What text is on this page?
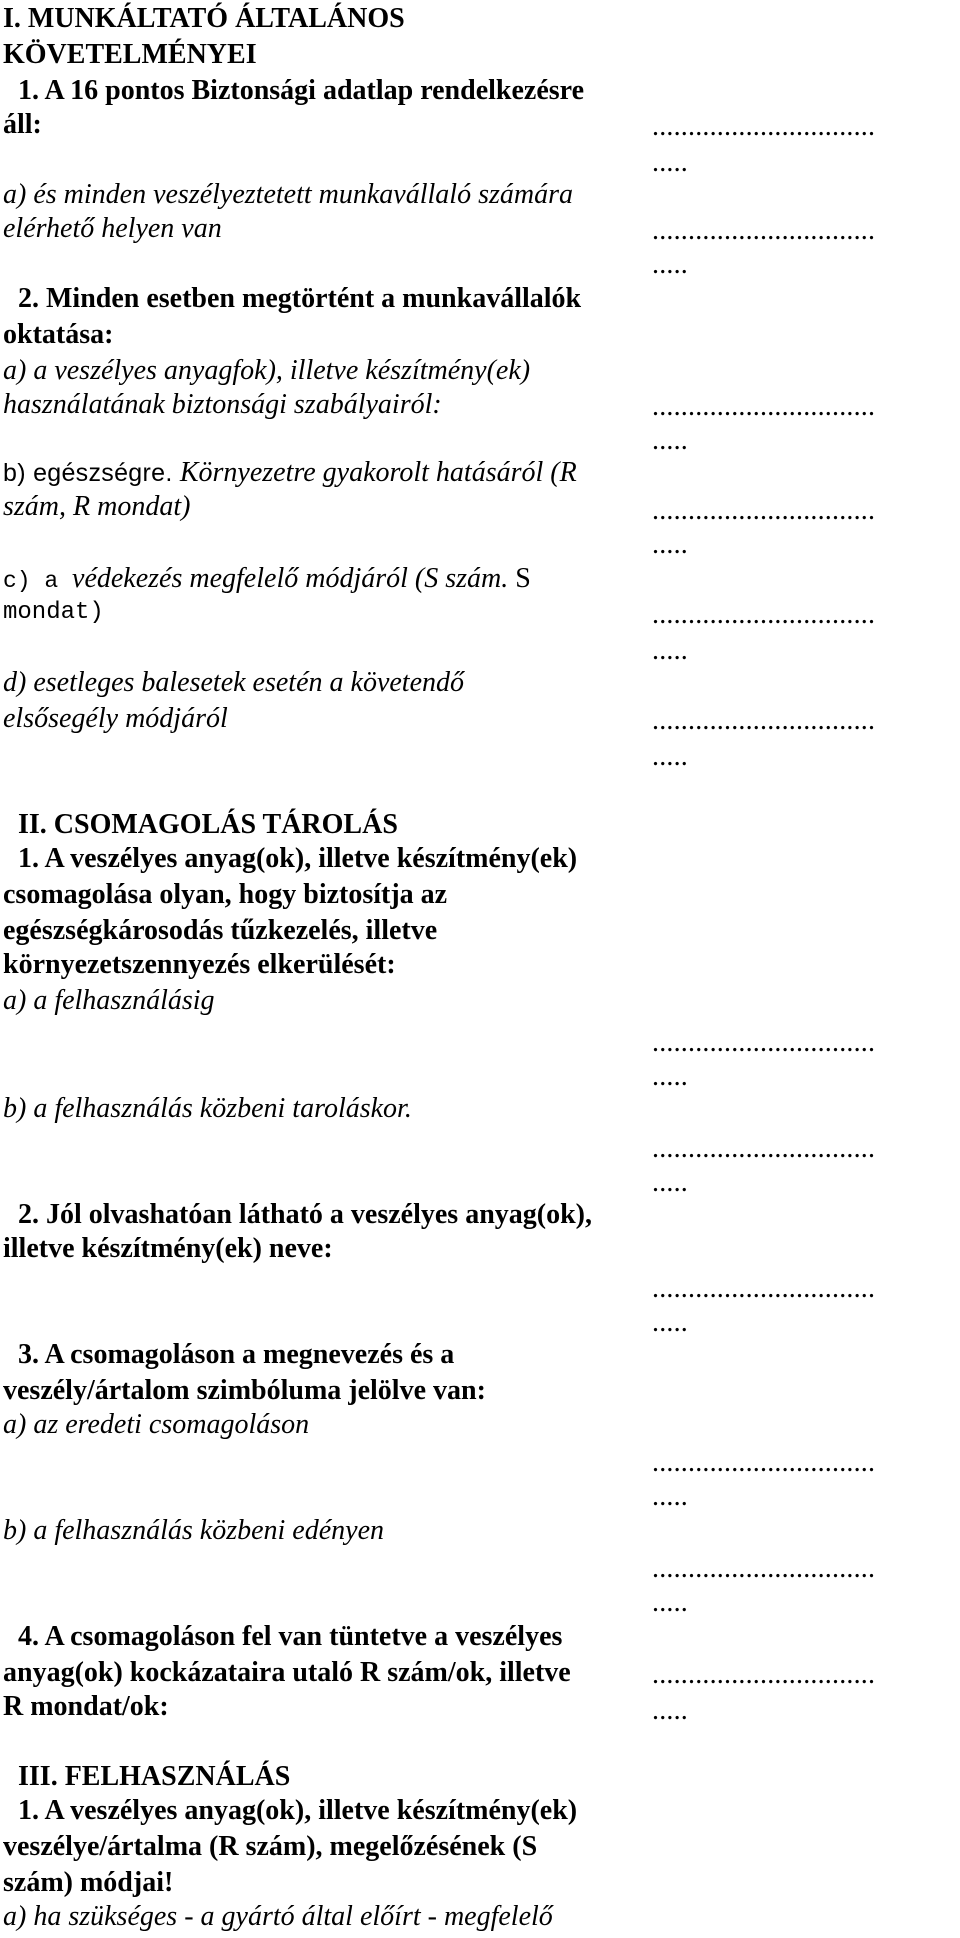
I. MUNKÁLTATÓ ÁLTALÁNOS
KÖVETELMÉNYEI
1. A 16 pontos Biztonsági adatlap rendelkezésre
áll:	...............................
.....
a) és minden veszélyeztetett munkavállaló számára
elérhető helyen van	...............................
.....
2. Minden esetben megtörtént a munkavállalók
oktatása:
a) a veszélyes anyagfok), illetve készítmény(ek)
használatának biztonsági szabályairól:	...............................
.....
b) egészségre. Környezetre gyakorolt hatásáról (R
szám, R mondat)	...............................
.....
c) a védekezés megfelelő módjáról (S szám. S
mondat)	...............................
.....
d) esetleges balesetek esetén a követendő
elsősegély módjáról	...............................
.....
II. CSOMAGOLÁS TÁROLÁS
1. A veszélyes anyag(ok), illetve készítmény(ek)
csomagolása olyan, hogy biztosítja az
egészségkárosodás tűzkezelés, illetve
környezetszennyezés elkerülését:
a) a felhasználásig
...............................
.....
b) a felhasználás közbeni taroláskor.
...............................
.....
2. Jól olvashatóan látható a veszélyes anyag(ok),
illetve készítmény(ek) neve:
...............................
.....
3. A csomagoláson a megnevezés és a
veszély/ártalom szimbóluma jelölve van:
a) az eredeti csomagoláson
...............................
.....
b) a felhasználás közbeni edényen
...............................
.....
4. A csomagoláson fel van tüntetve a veszélyes
anyag(ok) kockázataira utaló R szám/ok, illetve	...............................
R mondat/ok:	.....
III. FELHASZNÁLÁS
1. A veszélyes anyag(ok), illetve készítmény(ek)
veszélye/ártalma (R szám), megelőzésének (S
szám) módjai!
a) ha szükséges - a gyártó által előírt - megfelelő
